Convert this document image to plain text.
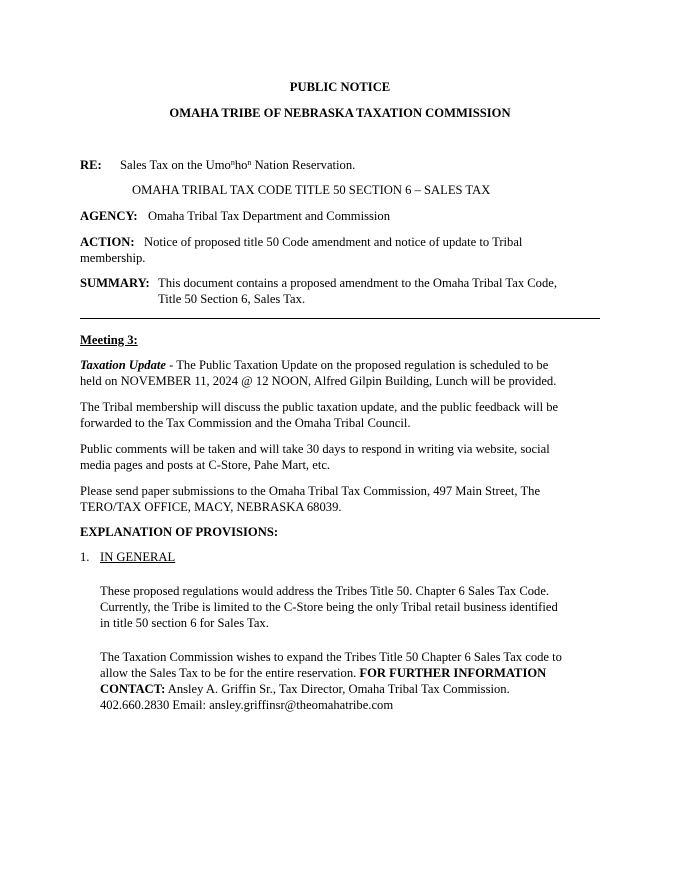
PUBLIC NOTICE
OMAHA TRIBE OF NEBRASKA TAXATION COMMISSION
RE: Sales Tax on the $Umo^nho^n$ Nation Reservation.
OMAHA TRIBAL TAX CODE TITLE 50 SECTION 6 – SALES TAX
AGENCY: Omaha Tribal Tax Department and Commission
ACTION: Notice of proposed title 50 Code amendment and notice of update to Tribal
membership.
SUMMARY: This document contains a proposed amendment to the Omaha Tribal Tax Code,
Title 50 Section 6, Sales Tax.
Meeting 3:
Taxation Update - The Public Taxation Update on the proposed regulation is scheduled to be
held on NOVEMBER 11, 2024 @ 12 NOON, Alfred Gilpin Building, Lunch will be provided.
The Tribal membership will discuss the public taxation update, and the public feedback will be
forwarded to the Tax Commission and the Omaha Tribal Council.
Public comments will be taken and will take 30 days to respond in writing via website, social
media pages and posts at C-Store, Pahe Mart, etc.
Please send paper submissions to the Omaha Tribal Tax Commission, 497 Main Street, The
TERO/TAX OFFICE, MACY, NEBRASKA 68039.
EXPLANATION OF PROVISIONS:
1. IN GENERAL
These proposed regulations would address the Tribes Title 50. Chapter 6 Sales Tax Code.
Currently, the Tribe is limited to the C-Store being the only Tribal retail business identified
in title 50 section 6 for Sales Tax.
The Taxation Commission wishes to expand the Tribes Title 50 Chapter 6 Sales Tax code to
allow the Sales Tax to be for the entire reservation. FOR FURTHER INFORMATION
CONTACT: Ansley A. Griffin Sr., Tax Director, Omaha Tribal Tax Commission.
402.660.2830 Email: ansley.griffinsr@theomahatribe.com
